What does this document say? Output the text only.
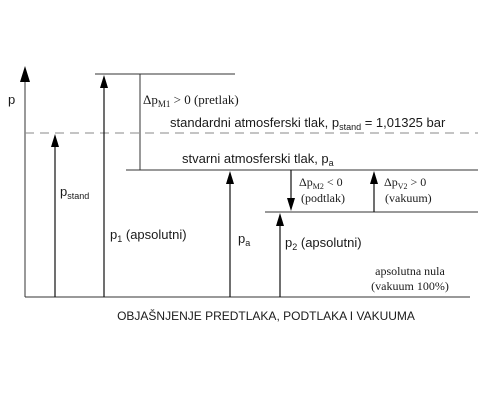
p	$\Delta p_{M1} > 0$ (pretlak)
standardni atmosferski tlak, $p_{stand} = 1,01325$ bar
stvarni atmosferski tlak, $p_a$
$\Delta p_{M2} < 0$
(podtlak)
$\Delta p_{V2} > 0$
(vakuum)
$p_{stand}$
$p_1$ (apsolutni)	$p_a$	$p_2$ (apsolutni)
apsolutna nula
(vakuum 100%)
OBJAŠNJENJE PREDTLAKA, PODTLAKA I VAKUUMA
